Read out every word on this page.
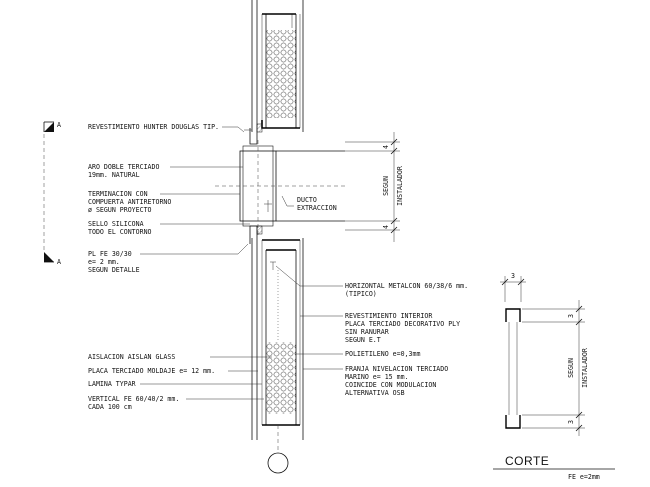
A
A
REVESTIMIENTO HUNTER DOUGLAS TIP.
ARO DOBLE TERCIADO
19mm. NATURAL
TERMINACION CON
COMPUERTA ANTIRETORNO
ø SEGUN PROYECTO
SELLO SILICONA
TODO EL CONTORNO
PL FE 30/30
e= 2 mm.
SEGUN DETALLE
AISLACION AISLAN GLASS
PLACA TERCIADO MOLDAJE e= 12 mm.
LAMINA TYPAR
VERTICAL FE 60/40/2 mm.
CADA 100 cm
DUCTO
EXTRACCION
HORIZONTAL METALCON 60/38/6 mm.
(TIPICO)
REVESTIMIENTO INTERIOR
PLACA TERCIADO DECORATIVO PLY
SIN RANURAR
SEGUN E.T
POLIETILENO e=0,3mm
FRANJA NIVELACION TERCIADO
MARINO e= 15 mm.
COINCIDE CON MODULACION
ALTERNATIVA OSB
4
SEGUN INSTALADOR
4
3
3
SEGUN INSTALADOR
3
CORTE
FE e=2mm
